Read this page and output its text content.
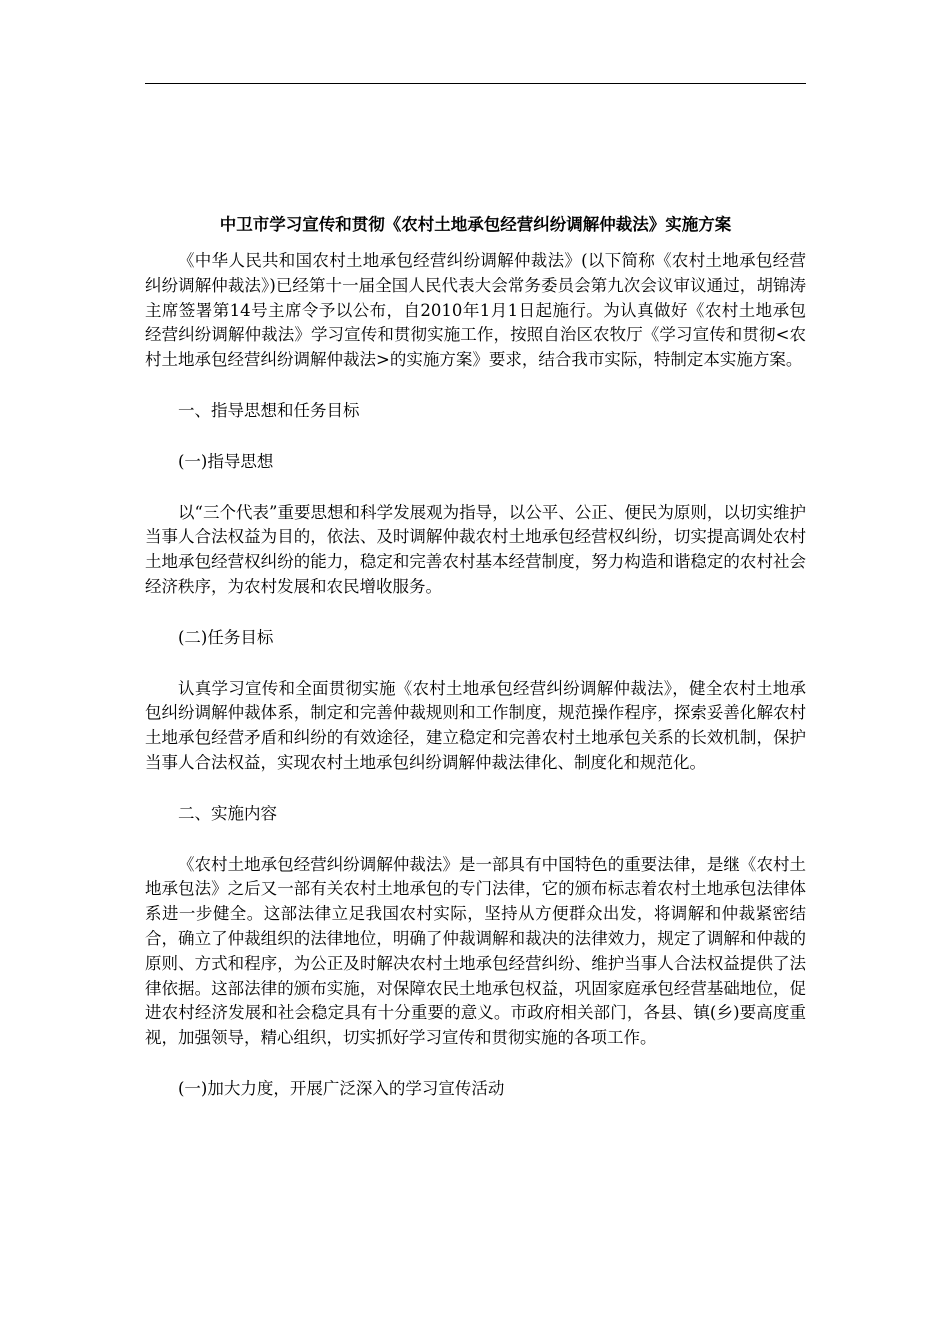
中卫市学习宣传和贯彻《农村土地承包经营纠纷调解仲裁法》实施方案

《中华人民共和国农村土地承包经营纠纷调解仲裁法》(以下简称《农村土地承包经营纠纷调解仲裁法》)已经第十一届全国人民代表大会常务委员会第九次会议审议通过，胡锦涛主席签署第14号主席令予以公布，自2010年1月1日起施行。为认真做好《农村土地承包经营纠纷调解仲裁法》学习宣传和贯彻实施工作，按照自治区农牧厅《学习宣传和贯彻<农村土地承包经营纠纷调解仲裁法>的实施方案》要求，结合我市实际，特制定本实施方案。

一、指导思想和任务目标

(一)指导思想

以“三个代表”重要思想和科学发展观为指导，以公平、公正、便民为原则，以切实维护当事人合法权益为目的，依法、及时调解仲裁农村土地承包经营权纠纷，切实提高调处农村土地承包经营权纠纷的能力，稳定和完善农村基本经营制度，努力构造和谐稳定的农村社会经济秩序，为农村发展和农民增收服务。

(二)任务目标

认真学习宣传和全面贯彻实施《农村土地承包经营纠纷调解仲裁法》，健全农村土地承包纠纷调解仲裁体系，制定和完善仲裁规则和工作制度，规范操作程序，探索妥善化解农村土地承包经营矛盾和纠纷的有效途径，建立稳定和完善农村土地承包关系的长效机制，保护当事人合法权益，实现农村土地承包纠纷调解仲裁法律化、制度化和规范化。

二、实施内容

《农村土地承包经营纠纷调解仲裁法》是一部具有中国特色的重要法律，是继《农村土地承包法》之后又一部有关农村土地承包的专门法律，它的颁布标志着农村土地承包法律体系进一步健全。这部法律立足我国农村实际，坚持从方便群众出发，将调解和仲裁紧密结合，确立了仲裁组织的法律地位，明确了仲裁调解和裁决的法律效力，规定了调解和仲裁的原则、方式和程序，为公正及时解决农村土地承包经营纠纷、维护当事人合法权益提供了法律依据。这部法律的颁布实施，对保障农民土地承包权益，巩固家庭承包经营基础地位，促进农村经济发展和社会稳定具有十分重要的意义。市政府相关部门，各县、镇(乡)要高度重视，加强领导，精心组织，切实抓好学习宣传和贯彻实施的各项工作。

(一)加大力度，开展广泛深入的学习宣传活动
